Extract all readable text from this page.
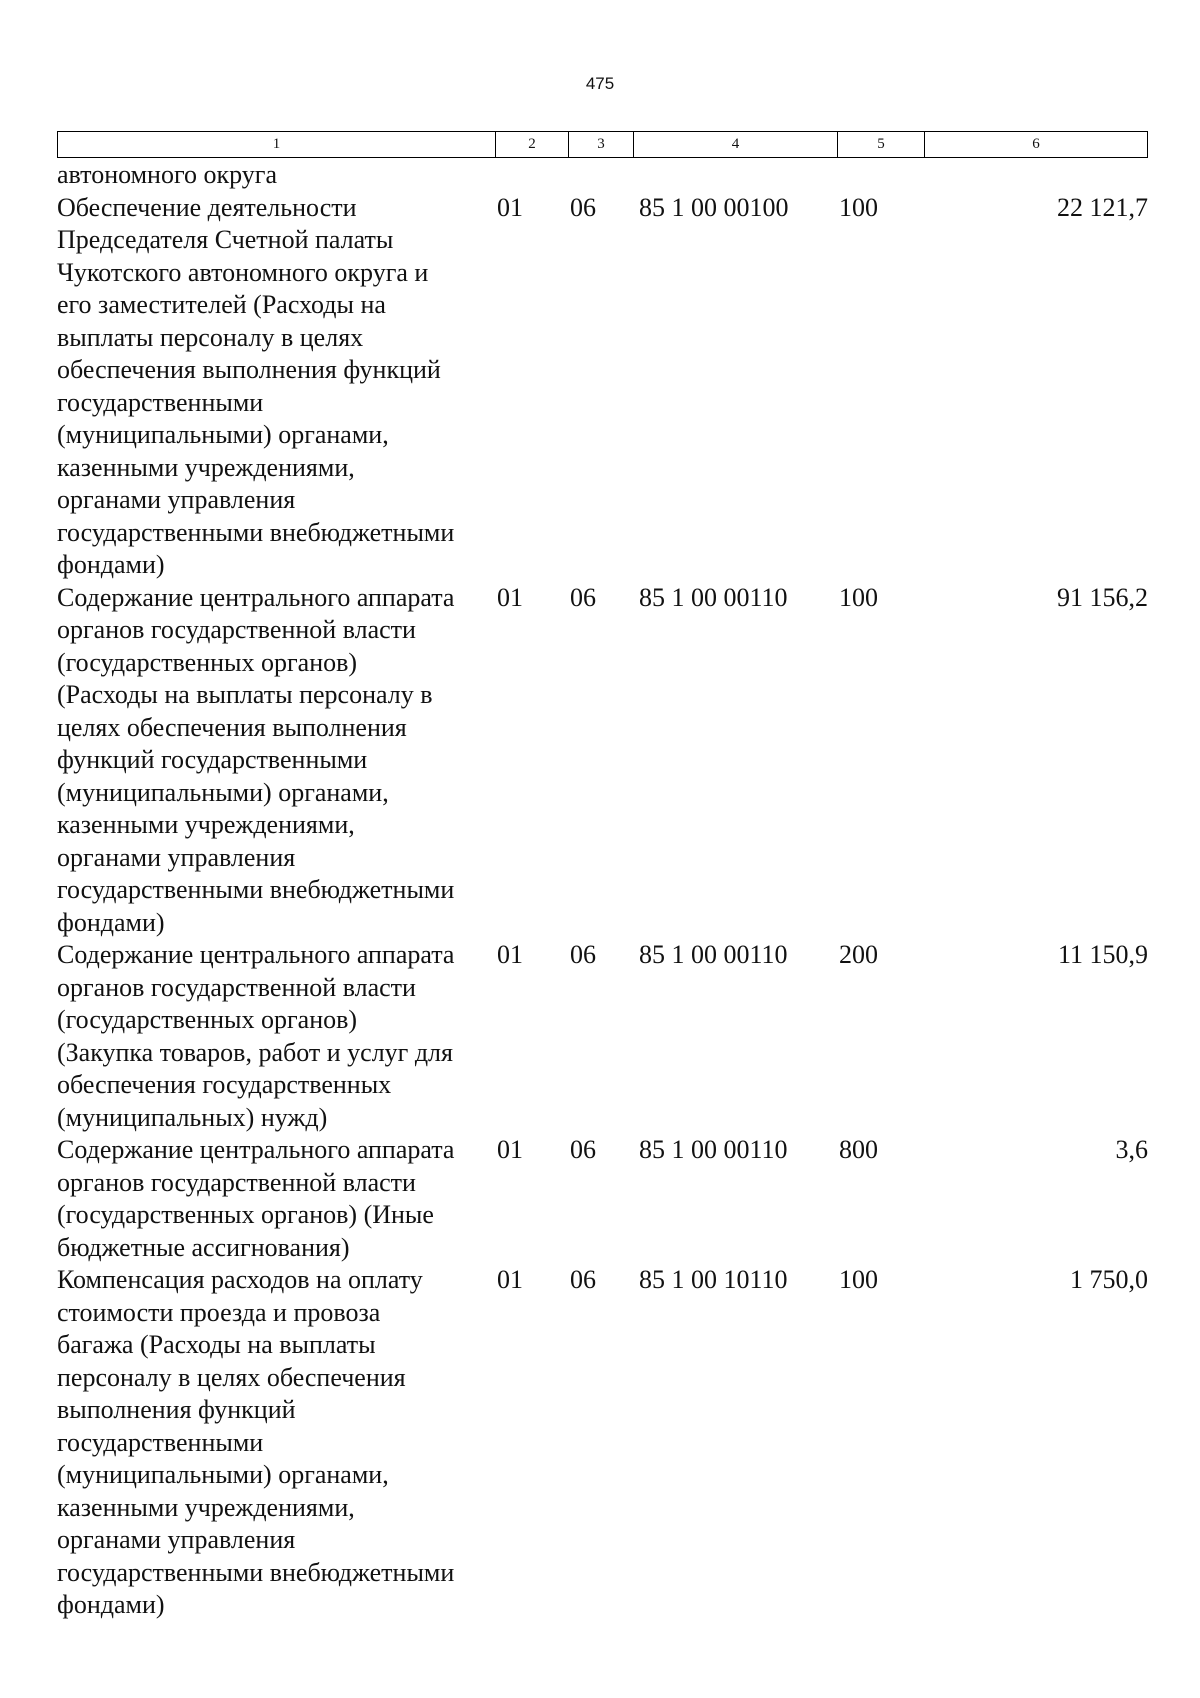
475
1	2	3	4	5	6
автономного округа
Обеспечение деятельности
Председателя Счетной палаты
Чукотского автономного округа и
его заместителей (Расходы на
выплаты персоналу в целях
обеспечения выполнения функций
государственными
(муниципальными) органами,
казенными учреждениями,
органами управления
государственными внебюджетными
фондами)
01	06	85 1 00 00100	100	22 121,7
Содержание центрального аппарата
органов государственной власти
(государственных органов)
(Расходы на выплаты персоналу в
целях обеспечения выполнения
функций государственными
(муниципальными) органами,
казенными учреждениями,
органами управления
государственными внебюджетными
фондами)
01	06	85 1 00 00110	100	91 156,2
Содержание центрального аппарата
органов государственной власти
(государственных органов)
(Закупка товаров, работ и услуг для
обеспечения государственных
(муниципальных) нужд)
01	06	85 1 00 00110	200	11 150,9
Содержание центрального аппарата
органов государственной власти
(государственных органов) (Иные
бюджетные ассигнования)
01	06	85 1 00 00110	800	3,6
Компенсация расходов на оплату
стоимости проезда и провоза
багажа (Расходы на выплаты
персоналу в целях обеспечения
выполнения функций
государственными
(муниципальными) органами,
казенными учреждениями,
органами управления
государственными внебюджетными
фондами)
01	06	85 1 00 10110	100	1 750,0
